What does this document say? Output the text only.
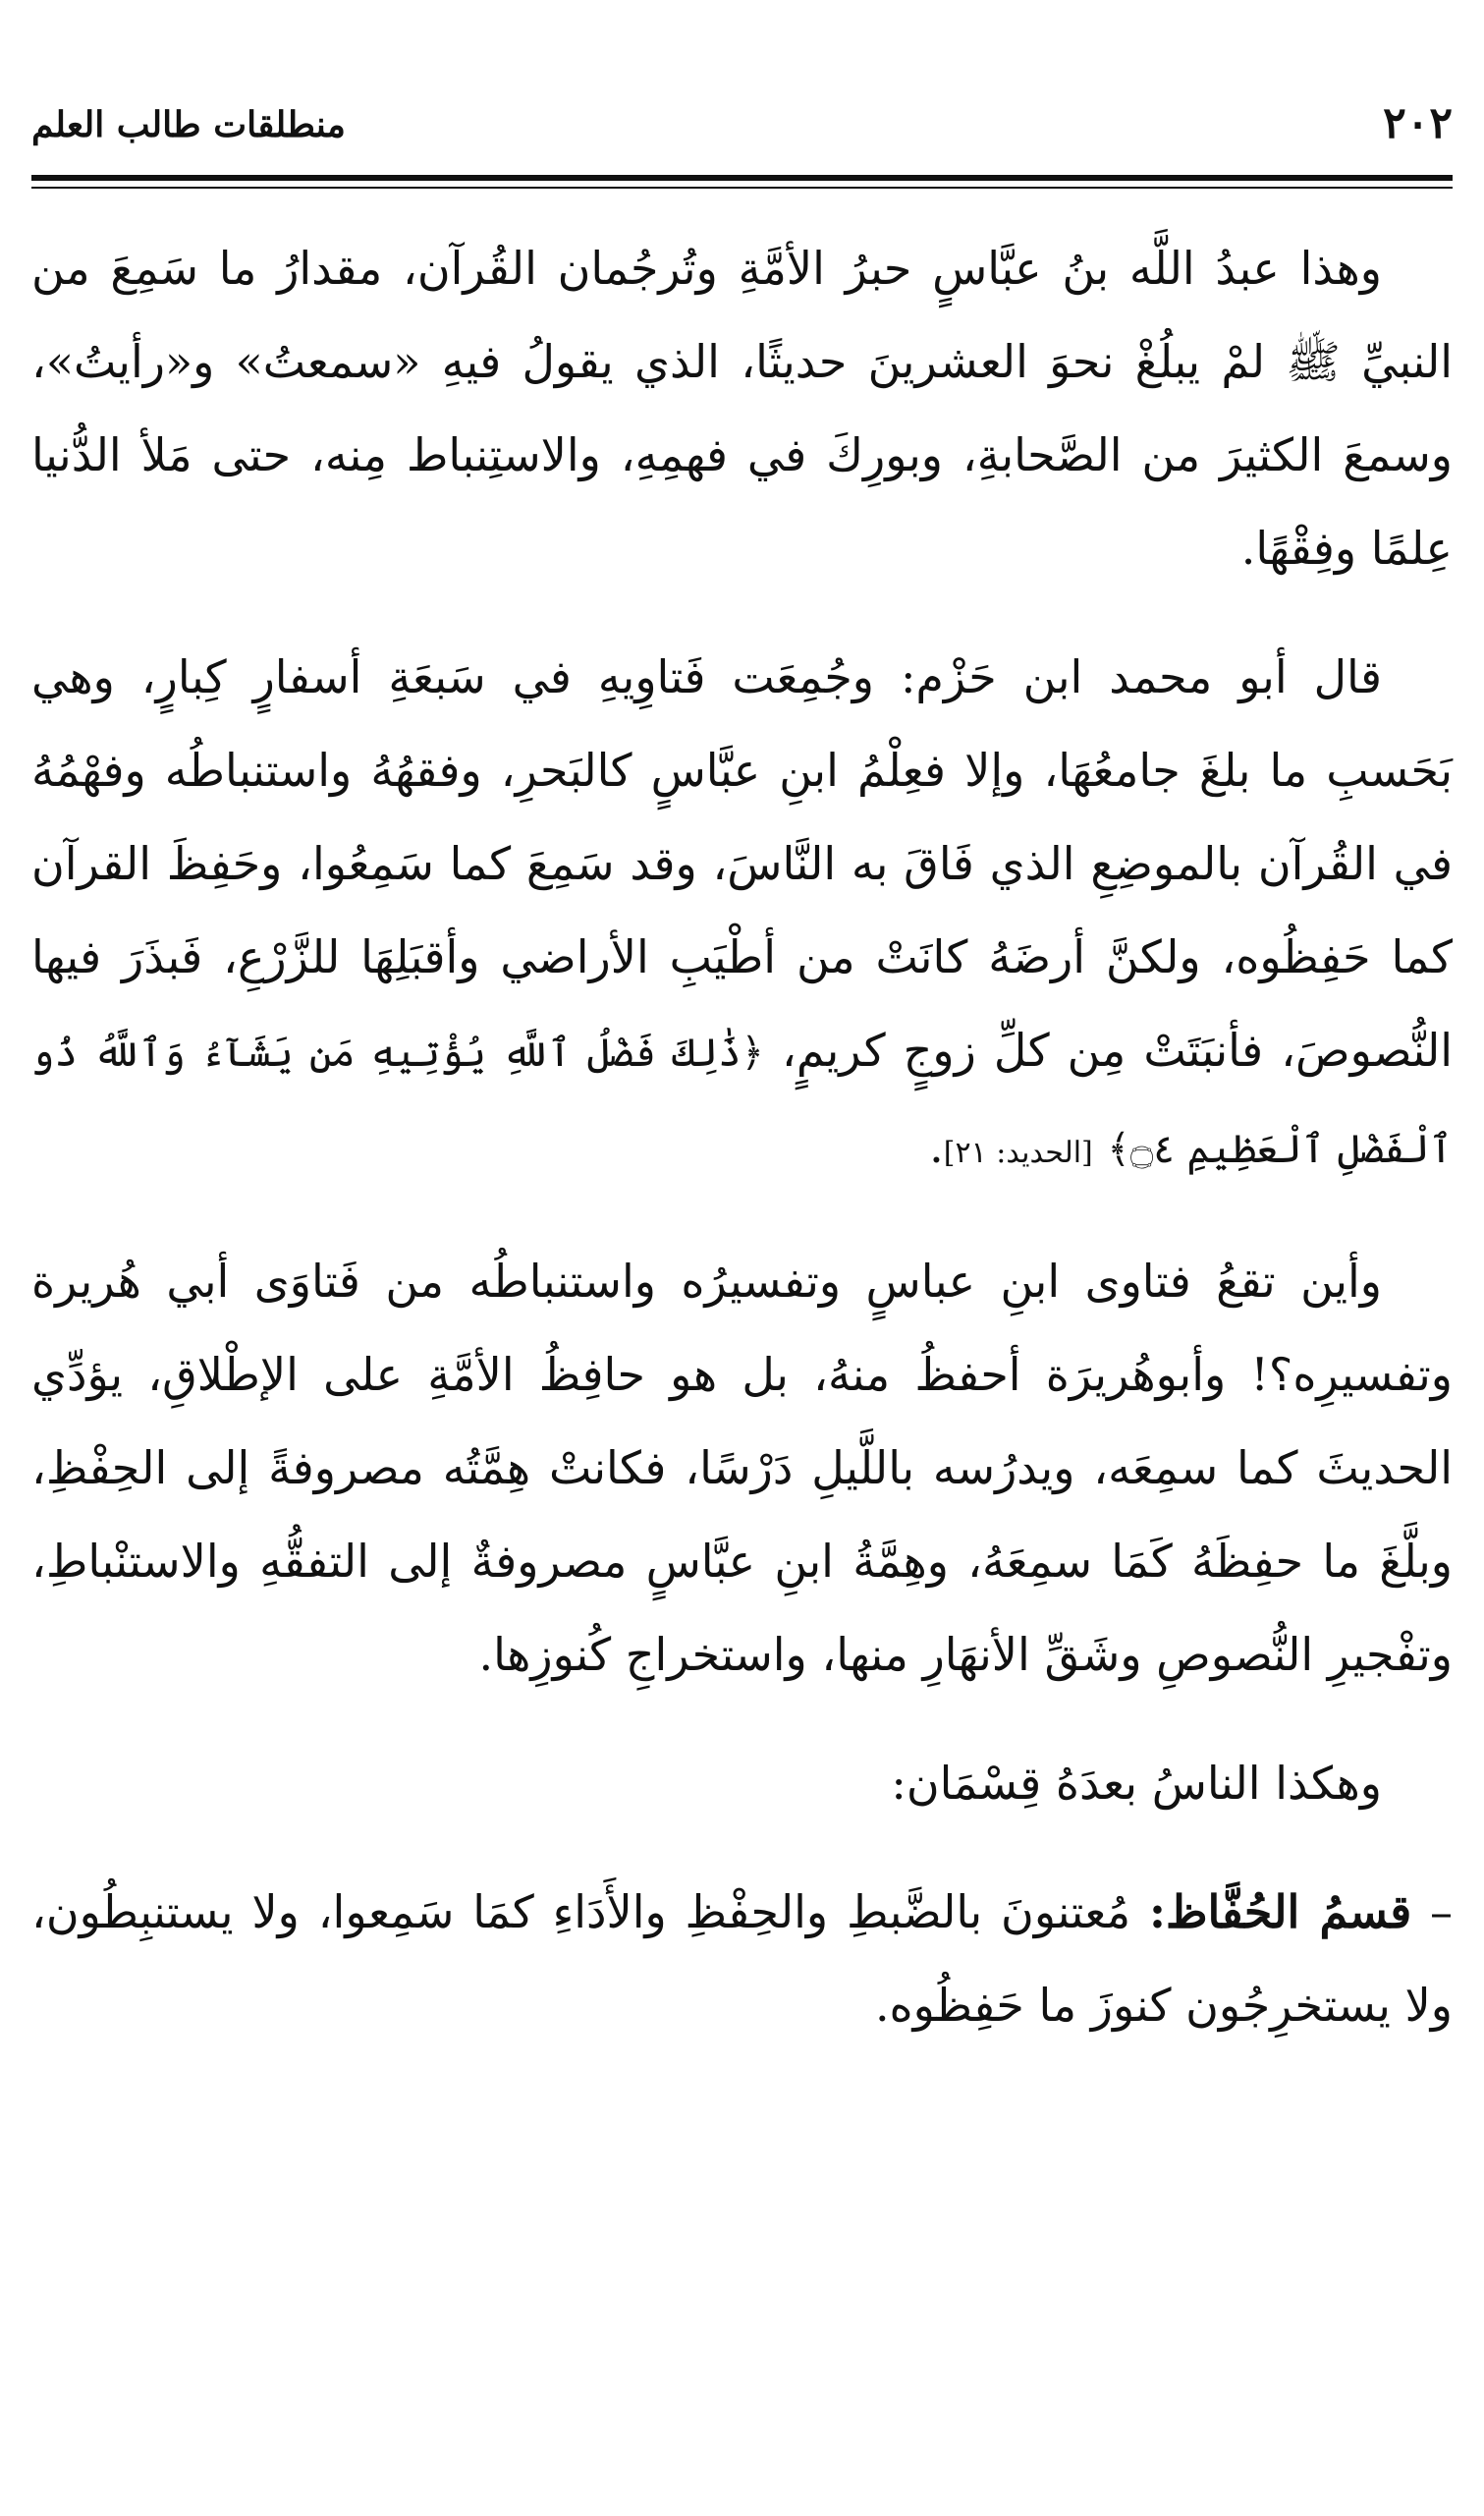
٢٠٢
منطلقات طالب العلم

وهذا عبدُ اللَّه بنُ عبَّاسٍ حبرُ الأمَّةِ وتُرجُمان القُرآن، مقدارُ ما سَمِعَ من النبيِّ ﷺ لمْ يبلُغْ نحوَ العشرينَ حديثًا، الذي يقولُ فيهِ «سمعتُ» و«رأيتُ»، وسمعَ الكثيرَ من الصَّحابةِ، وبورِكَ في فهمِهِ، والاستِنباط مِنه، حتى مَلأ الدُّنيا عِلمًا وفِقْهًا.

قال أبو محمد ابن حَزْم: وجُمِعَت فَتاوِيهِ في سَبعَةِ أسفارٍ كِبارٍ، وهي بَحَسبِ ما بلغَ جامعُهَا، وإلا فعِلْمُ ابنِ عبَّاسٍ كالبَحرِ، وفقهُهُ واستنباطُه وفهْمُهُ في القُرآن بالموضِعِ الذي فَاقَ به النَّاسَ، وقد سَمِعَ كما سَمِعُوا، وحَفِظَ القرآن كما حَفِظُوه، ولكنَّ أرضَهُ كانَتْ من أطْيَبِ الأراضي وأقبَلِهَا للزَّرْعِ، فَبذَرَ فيها النُّصوصَ، فأنبَتَتْ مِن كلِّ زوجٍ كريمٍ، ﴿ذَٰلِكَ فَضْلُ ٱللَّهِ يُؤْتِيهِ مَن يَشَآءُ وَٱللَّهُ ذُو ٱلْفَضْلِ ٱلْعَظِيمِ ۝٤﴾ [الحديد: ٢١].

وأين تقعُ فتاوى ابنِ عباسٍ وتفسيرُه واستنباطُه من فَتاوَى أبي هُريرة وتفسيرِه؟! وأبوهُريرَة أحفظُ منهُ، بل هو حافِظُ الأمَّةِ على الإطْلاقِ، يؤدِّي الحديثَ كما سمِعَه، ويدرُسه باللَّيلِ دَرْسًا، فكانتْ هِمَّتُه مصروفةً إلى الحِفْظِ، وبلَّغَ ما حفِظَهُ كَمَا سمِعَهُ، وهِمَّةُ ابنِ عبَّاسٍ مصروفةٌ إلى التفقُّهِ والاستنْباطِ، وتفْجيرِ النُّصوصِ وشَقِّ الأنهَارِ منها، واستخراجِ كُنوزِها.

وهكذا الناسُ بعدَهُ قِسْمَان:

– قسمُ الحُفَّاظ: مُعتنونَ بالضَّبطِ والحِفْظِ والأَدَاءِ كمَا سَمِعوا، ولا يستنبِطُون، ولا يستخرِجُون كنوزَ ما حَفِظُوه.
